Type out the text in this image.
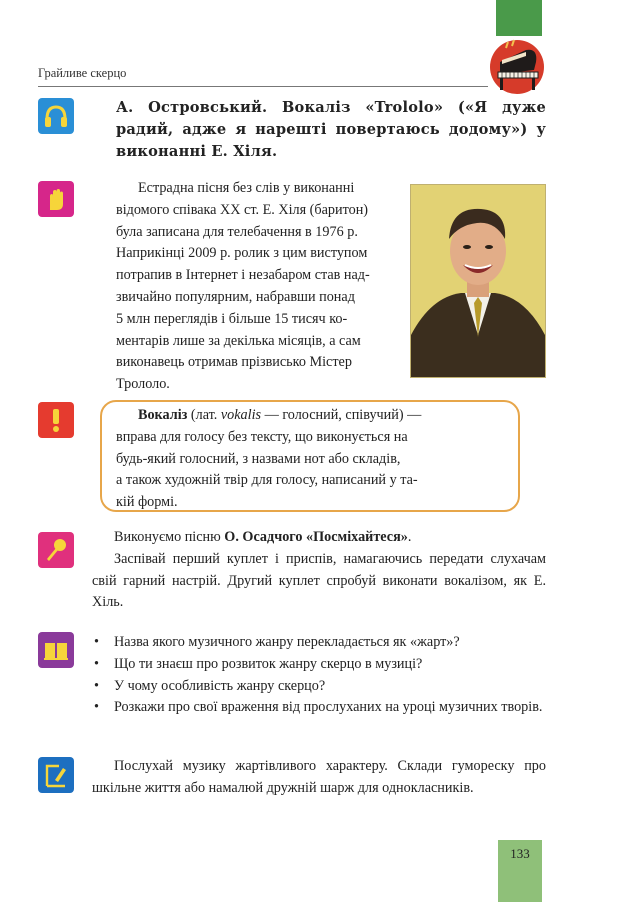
Грайливе скерцо
А. Островський. Вокаліз «Trololo» («Я дуже радий, адже я нарешті повертаюсь додому») у виконанні Е. Хіля.
Естрадна пісня без слів у виконанні
відомого співака XX ст. Е. Хіля (баритон)
була записана для телебачення в 1976 р.
Наприкінці 2009 р. ролик з цим виступом
потрапив в Інтернет і незабаром став над-
звичайно популярним, набравши понад
5 млн переглядів і більше 15 тисяч ко-
ментарів лише за декілька місяців, а сам
виконавець отримав прізвисько Містер
Трололо.
Вокаліз (лат. vokalis — голосний, співучий) —
вправа для голосу без тексту, що виконується на
будь-який голосний, з назвами нот або складів,
а також художній твір для голосу, написаний у та-
кій формі.
Виконуємо пісню О. Осадчого «Посміхайтеся».
Заспівай перший куплет і приспів, намагаючись передати слухачам свій гарний настрій. Другий куплет спробуй виконати вокалізом, як Е. Хіль.
• Назва якого музичного жанру перекладається як «жарт»?
• Що ти знаєш про розвиток жанру скерцо в музиці?
• У чому особливість жанру скерцо?
• Розкажи про свої враження від прослуханих на уроці музичних творів.
Послухай музику жартівливого характеру. Склади гумореску про шкільне життя або намалюй дружній шарж для однокласників.
133
